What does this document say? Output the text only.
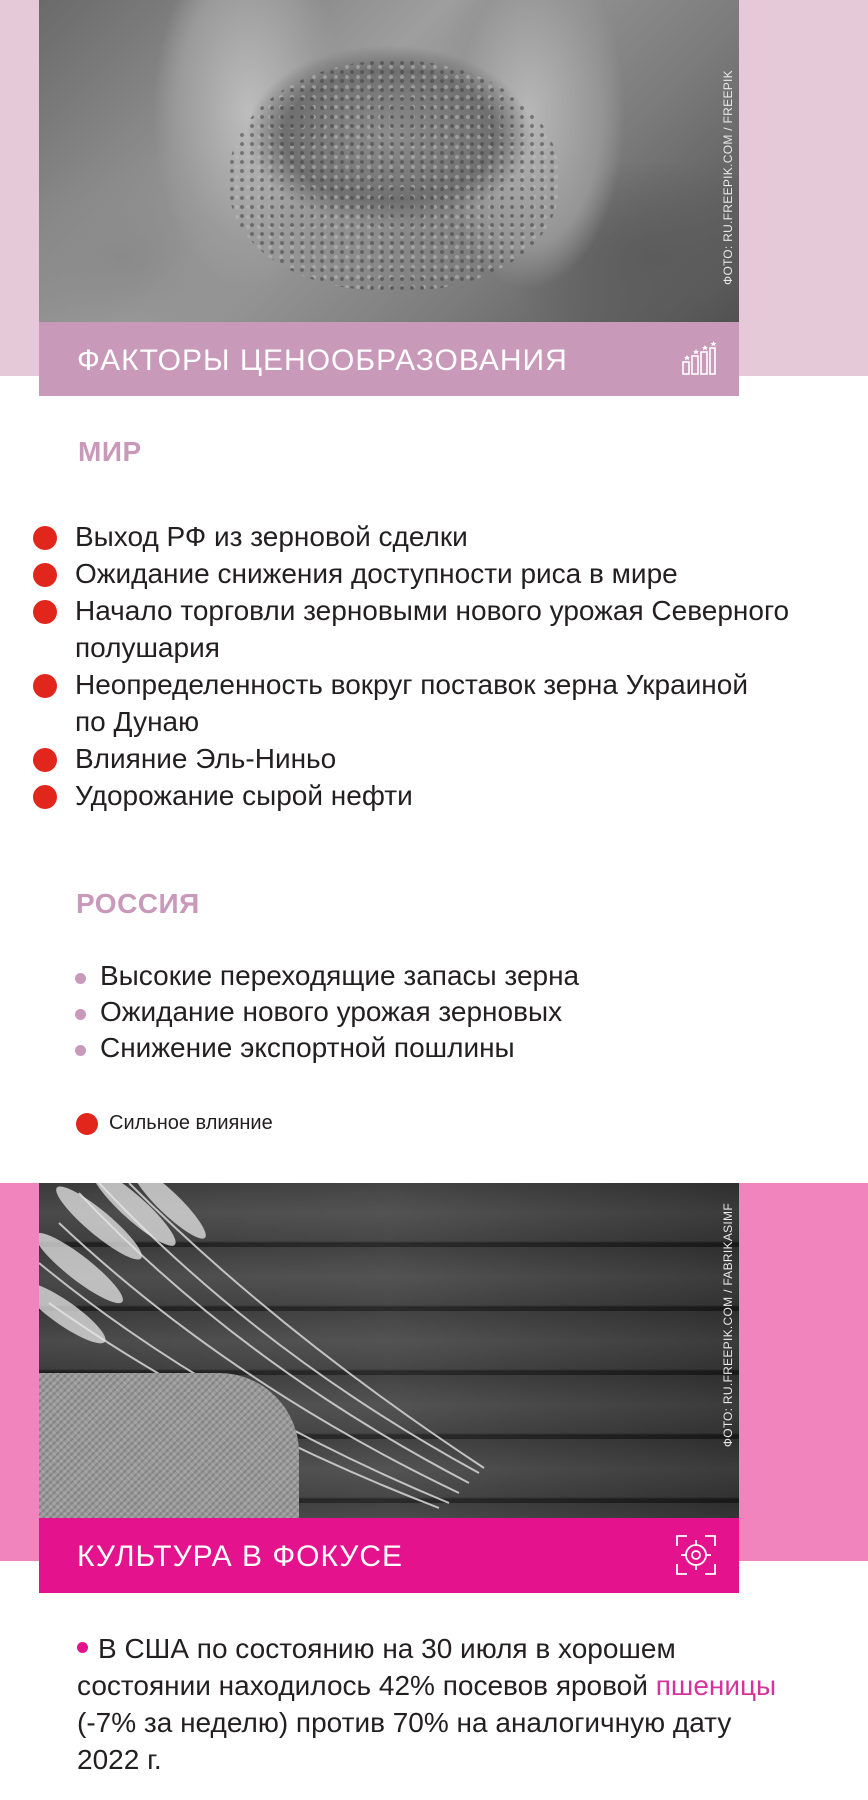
ФОТО: RU.FREEPIK.COM / FREEPIK
ФАКТОРЫ ЦЕНООБРАЗОВАНИЯ
МИР
Выход РФ из зерновой сделки
Ожидание снижения доступности риса в мире
Начало торговли зерновыми нового урожая Северного полушария
Неопределенность вокруг поставок зерна Украиной по Дунаю
Влияние Эль-Ниньо
Удорожание сырой нефти
РОССИЯ
Высокие переходящие запасы зерна
Ожидание нового урожая зерновых
Снижение экспортной пошлины
Сильное влияние
ФОТО: RU.FREEPIK.COM / FABRIKASIMF
КУЛЬТУРА В ФОКУСЕ
В США по состоянию на 30 июля в хорошем состоянии находилось 42% посевов яровой пшеницы (-7% за неделю) против 70% на аналогичную дату 2022 г.
